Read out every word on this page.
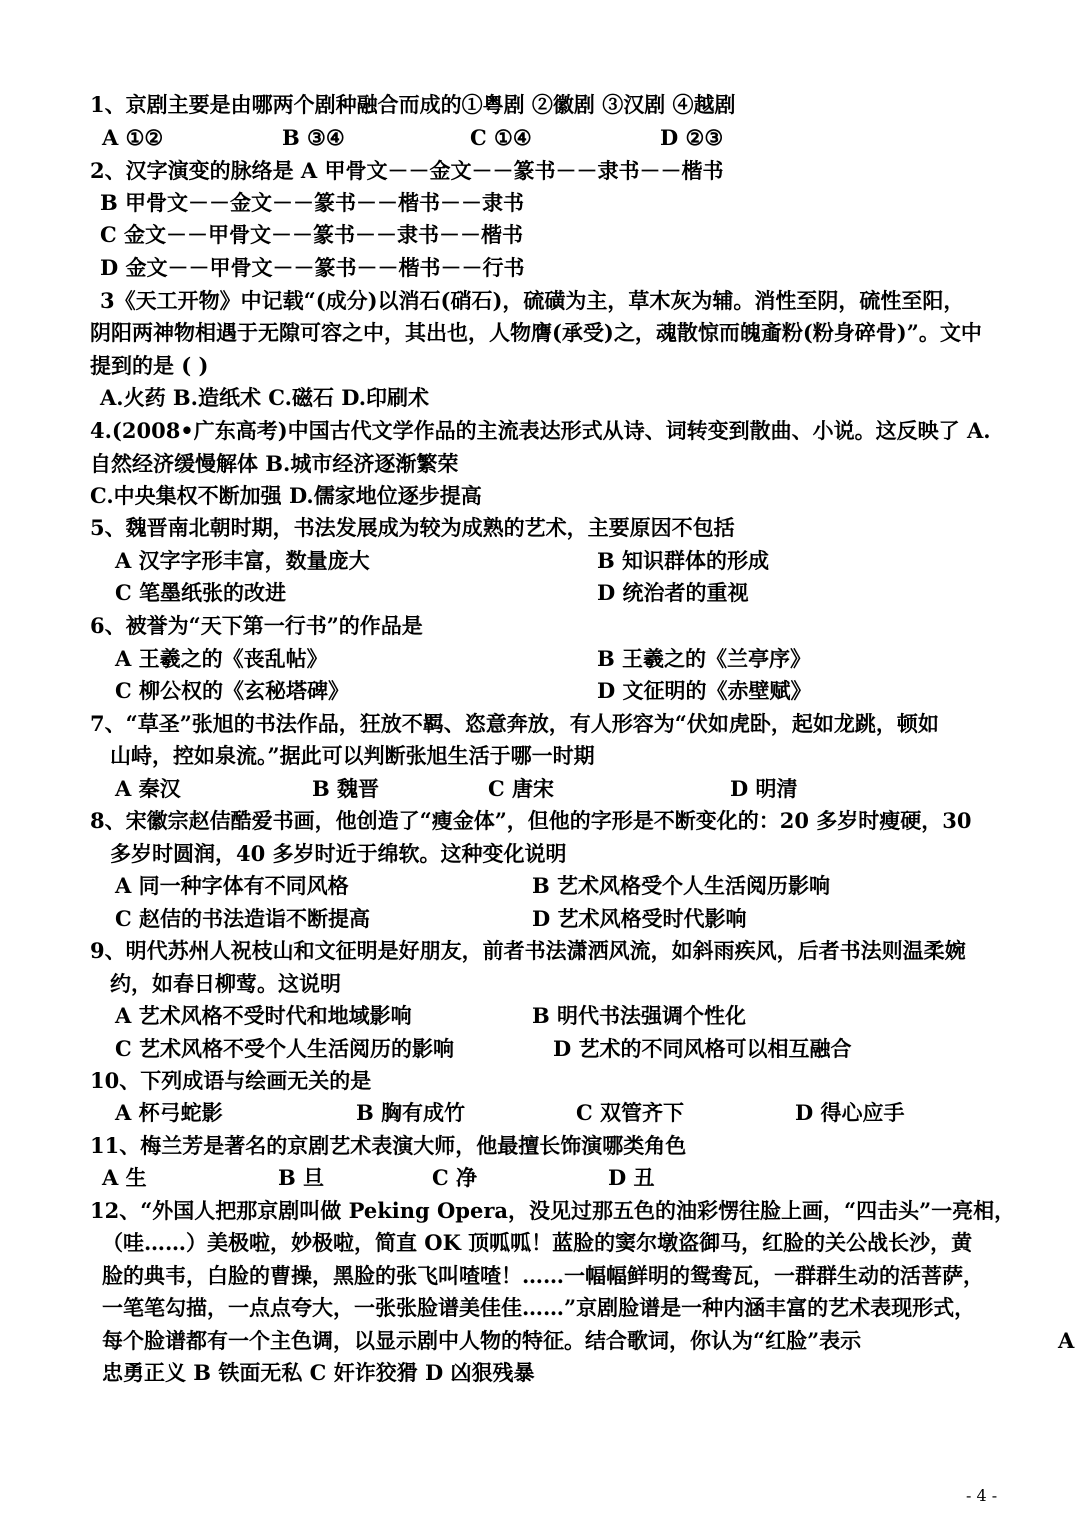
1、京剧主要是由哪两个剧种融合而成的①粤剧 ②徽剧 ③汉剧 ④越剧
A ①②	B ③④	C ①④	D ②③
2、汉字演变的脉络是 A 甲骨文－－金文－－篆书－－隶书－－楷书
B 甲骨文－－金文－－篆书－－楷书－－隶书
C 金文－－甲骨文－－篆书－－隶书－－楷书
D 金文－－甲骨文－－篆书－－楷书－－行书
3《天工开物》中记载“(成分)以消石(硝石)，硫磺为主，草木灰为辅。消性至阴，硫性至阳，
阴阳两神物相遇于无隙可容之中，其出也，人物膺(承受)之，魂散惊而魄齑粉(粉身碎骨)”。文中
提到的是 ( )
A.火药 B.造纸术 C.磁石 D.印刷术
4.(2008•广东高考)中国古代文学作品的主流表达形式从诗、词转变到散曲、小说。这反映了 A.
自然经济缓慢解体 B.城市经济逐渐繁荣
C.中央集权不断加强 D.儒家地位逐步提高
5、魏晋南北朝时期，书法发展成为较为成熟的艺术，主要原因不包括
A 汉字字形丰富，数量庞大	B 知识群体的形成
C 笔墨纸张的改进	D 统治者的重视
6、被誉为“天下第一行书”的作品是
A 王羲之的《丧乱帖》	B 王羲之的《兰亭序》
C 柳公权的《玄秘塔碑》	D 文征明的《赤壁赋》
7、“草圣”张旭的书法作品，狂放不羁、恣意奔放，有人形容为“伏如虎卧，起如龙跳，顿如
山峙，控如泉流。”据此可以判断张旭生活于哪一时期
A 秦汉	B 魏晋	C 唐宋	D 明清
8、宋徽宗赵佶酷爱书画，他创造了“瘦金体”，但他的字形是不断变化的：20 多岁时瘦硬，30
多岁时圆润，40 多岁时近于绵软。这种变化说明
A 同一种字体有不同风格	B 艺术风格受个人生活阅历影响
C 赵佶的书法造诣不断提高	D 艺术风格受时代影响
9、明代苏州人祝枝山和文征明是好朋友，前者书法潇洒风流，如斜雨疾风，后者书法则温柔婉
约，如春日柳莺。这说明
A 艺术风格不受时代和地域影响	B 明代书法强调个性化
C 艺术风格不受个人生活阅历的影响	D 艺术的不同风格可以相互融合
10、下列成语与绘画无关的是
A 杯弓蛇影	B 胸有成竹	C 双管齐下	D 得心应手
11、梅兰芳是著名的京剧艺术表演大师，他最擅长饰演哪类角色
A 生	B 旦	C 净	D 丑
12、“外国人把那京剧叫做 Peking Opera，没见过那五色的油彩愣往脸上画，“四击头”一亮相，
（哇……）美极啦，妙极啦，简直 OK 顶呱呱！蓝脸的窦尔墩盗御马，红脸的关公战长沙，黄
脸的典韦，白脸的曹操，黑脸的张飞叫喳喳！……一幅幅鲜明的鸳鸯瓦，一群群生动的活菩萨，
一笔笔勾描，一点点夸大，一张张脸谱美佳佳……”京剧脸谱是一种内涵丰富的艺术表现形式，
每个脸谱都有一个主色调，以显示剧中人物的特征。结合歌词，你认为“红脸”表示	A
忠勇正义 B 铁面无私 C 奸诈狡猾 D 凶狠残暴
- 4 -
